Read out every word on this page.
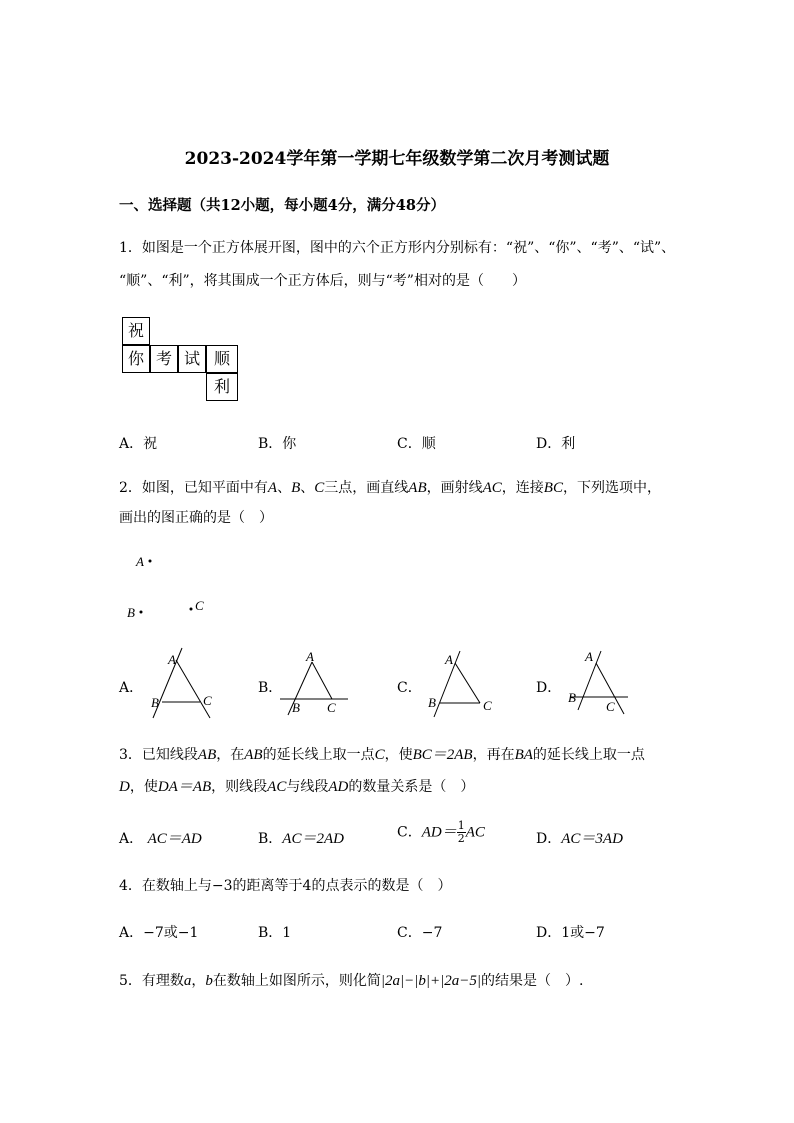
2023-2024学年第一学期七年级数学第二次月考测试题
一、选择题（共12小题，每小题4分，满分48分）
1．如图是一个正方体展开图，图中的六个正方形内分别标有：“祝”、“你”、“考”、“试”、
“顺”、“利”，将其围成一个正方体后，则与“考”相对的是（　　）
祝
你 考 试 顺
利
A．祝	B．你	C．顺	D．利
2．如图，已知平面中有A、B、C三点，画直线AB，画射线AC，连接BC，下列选项中，
画出的图正确的是（　）
A
B	C
A
B	C
A
B C
A
B	C
A
B
C
A．	B．	C．	D．
3．已知线段AB，在AB的延长线上取一点C，使BC＝2AB，再在BA的延长线上取一点
D，使DA＝AB，则线段AC与线段AD的数量关系是（　）
A． AC＝AD	B．AC＝2AD	C．$AD= \frac{1}{2}$ AC	D．AC＝3AD
4．在数轴上与−3的距离等于4的点表示的数是（　）
A．−7或−1	B．1	C．−7	D．1或−7
5．有理数a，b在数轴上如图所示，则化简|2a|−|b|+|2a−5|的结果是（　）.
